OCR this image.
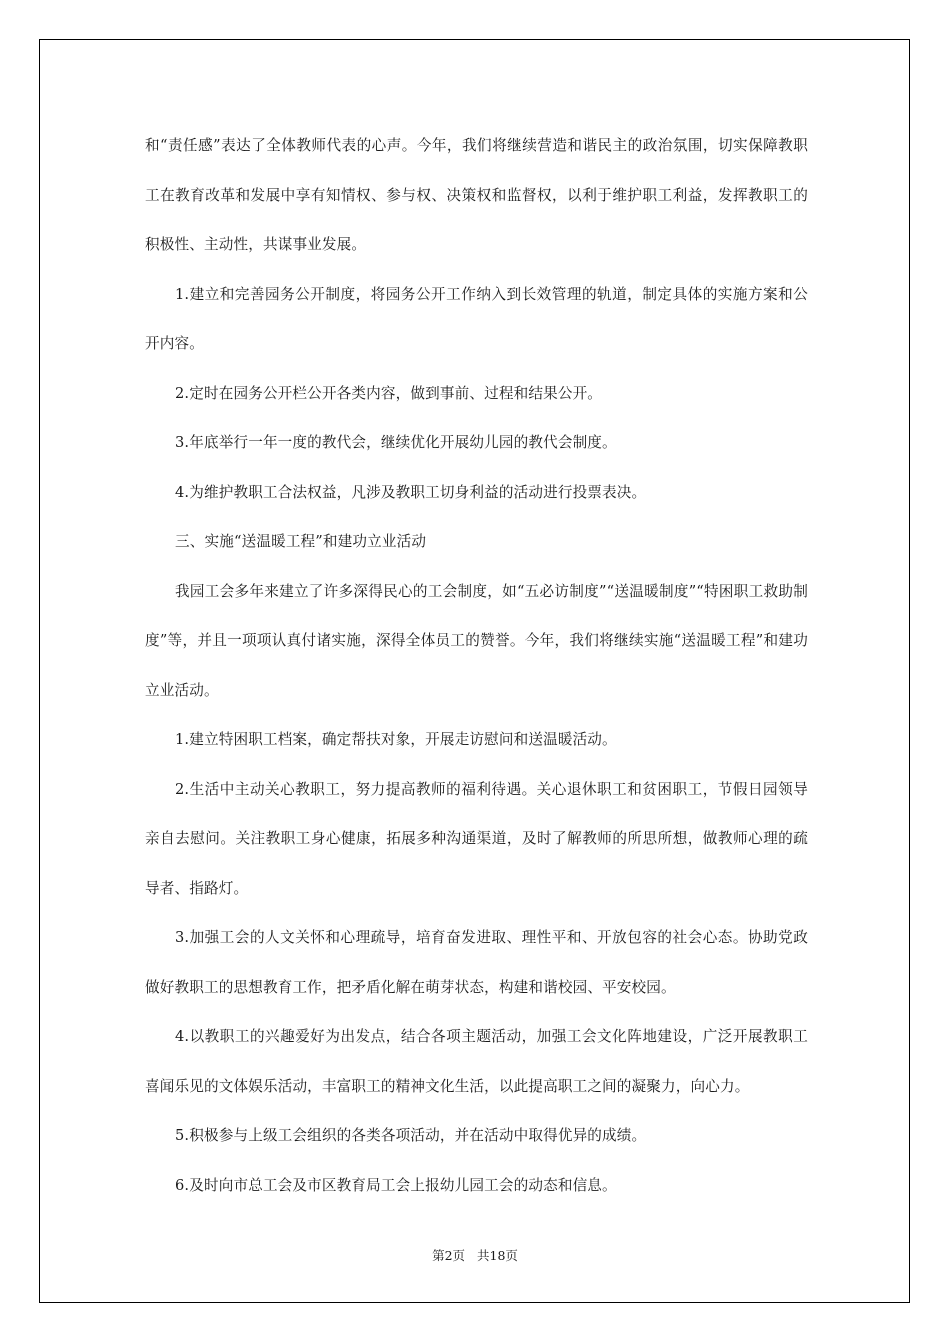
和“责任感”表达了全体教师代表的心声。今年，我们将继续营造和谐民主的政治氛围，切实保障教职工在教育改革和发展中享有知情权、参与权、决策权和监督权，以利于维护职工利益，发挥教职工的积极性、主动性，共谋事业发展。

1.建立和完善园务公开制度，将园务公开工作纳入到长效管理的轨道，制定具体的实施方案和公开内容。

2.定时在园务公开栏公开各类内容，做到事前、过程和结果公开。

3.年底举行一年一度的教代会，继续优化开展幼儿园的教代会制度。

4.为维护教职工合法权益，凡涉及教职工切身利益的活动进行投票表决。

三、实施“送温暖工程”和建功立业活动

我园工会多年来建立了许多深得民心的工会制度，如“五必访制度”“送温暖制度”“特困职工救助制度”等，并且一项项认真付诸实施，深得全体员工的赞誉。今年，我们将继续实施“送温暖工程”和建功立业活动。

1.建立特困职工档案，确定帮扶对象，开展走访慰问和送温暖活动。

2.生活中主动关心教职工，努力提高教师的福利待遇。关心退休职工和贫困职工，节假日园领导亲自去慰问。关注教职工身心健康，拓展多种沟通渠道，及时了解教师的所思所想，做教师心理的疏导者、指路灯。

3.加强工会的人文关怀和心理疏导，培育奋发进取、理性平和、开放包容的社会心态。协助党政做好教职工的思想教育工作，把矛盾化解在萌芽状态，构建和谐校园、平安校园。

4.以教职工的兴趣爱好为出发点，结合各项主题活动，加强工会文化阵地建设，广泛开展教职工喜闻乐见的文体娱乐活动，丰富职工的精神文化生活，以此提高职工之间的凝聚力，向心力。

5.积极参与上级工会组织的各类各项活动，并在活动中取得优异的成绩。

6.及时向市总工会及市区教育局工会上报幼儿园工会的动态和信息。

第2页 共18页
